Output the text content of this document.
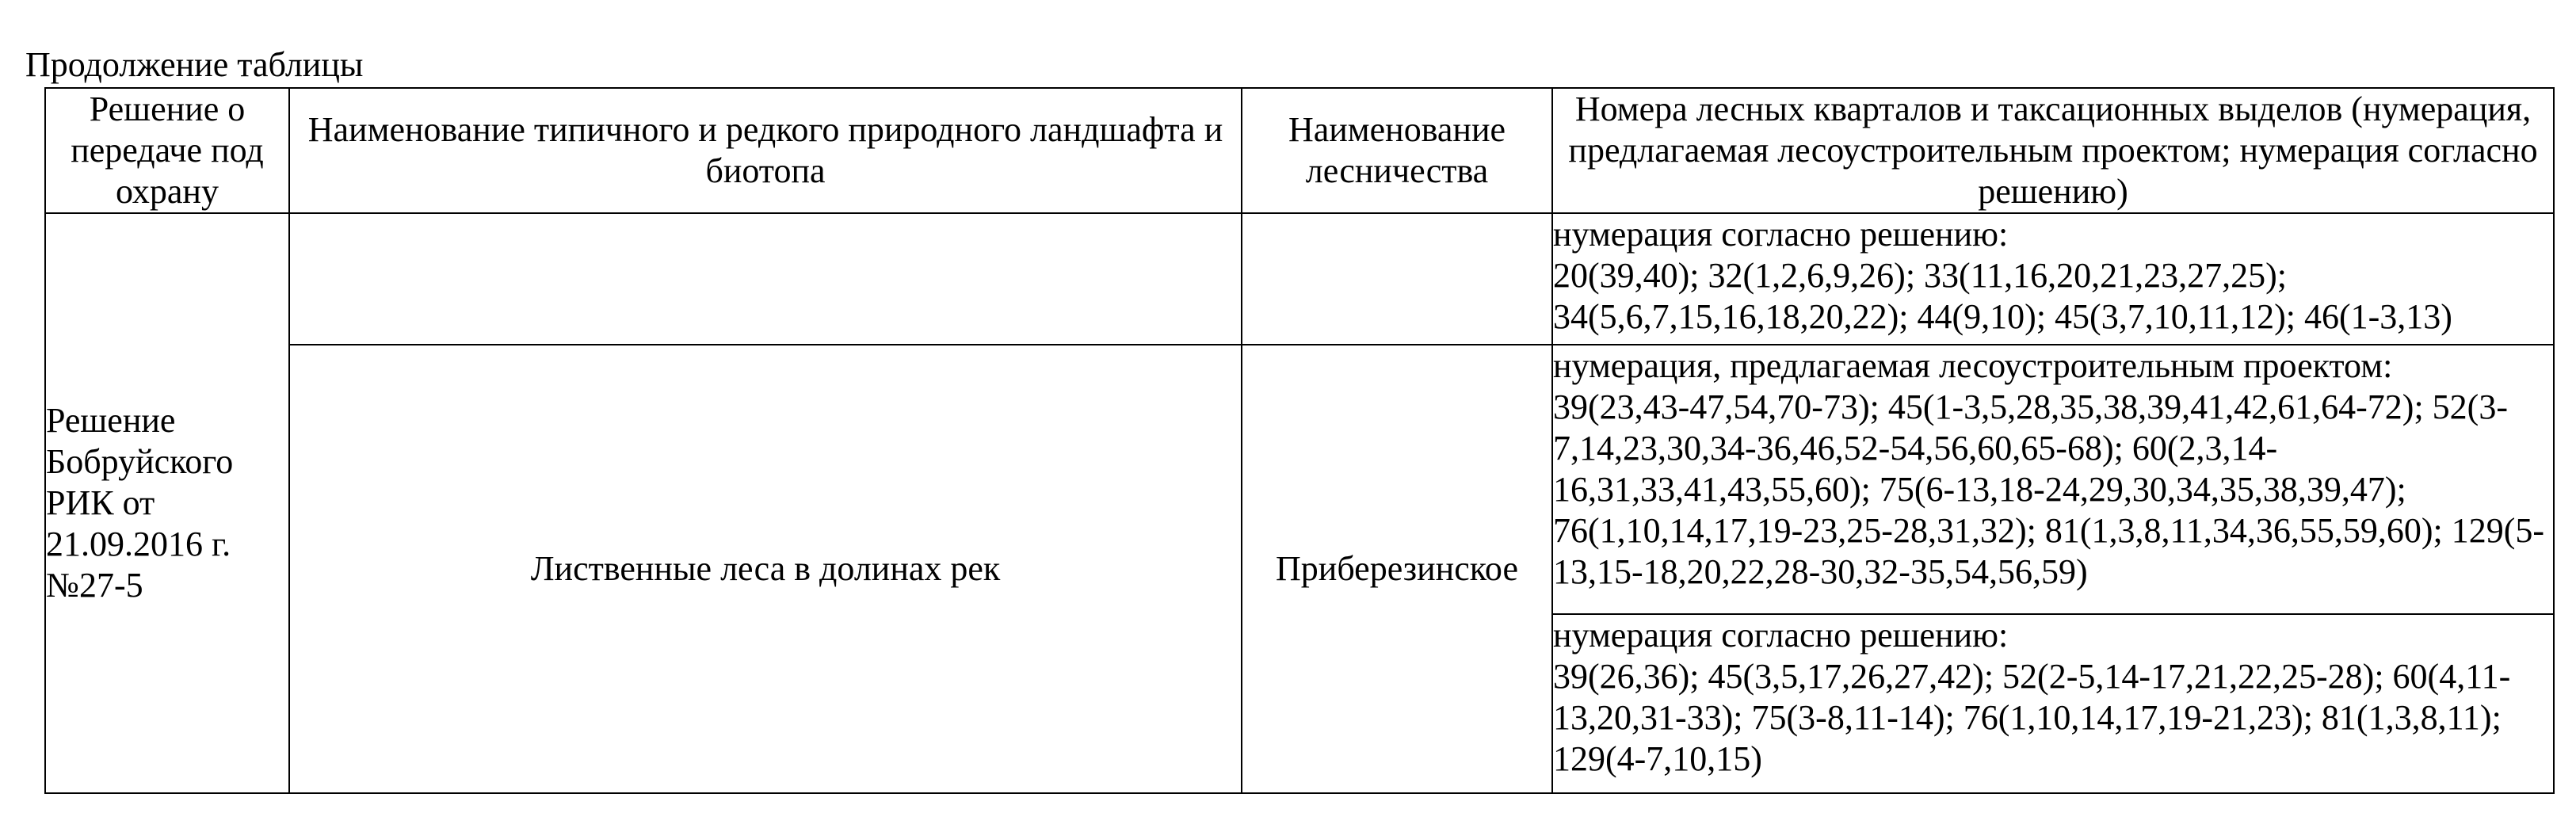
Продолжение таблицы
Решение о передаче под охрану	Наименование типичного и редкого природного ландшафта и биотопа	Наименование лесничества	Номера лесных кварталов и таксационных выделов (нумерация, предлагаемая лесоустроительным проектом; нумерация согласно решению)
Решение Бобруйского РИК от 21.09.2016 г. №27-5			нумерация согласно решению:
20(39,40); 32(1,2,6,9,26); 33(11,16,20,21,23,27,25); 34(5,6,7,15,16,18,20,22); 44(9,10); 45(3,7,10,11,12); 46(1-3,13)

	Лиственные леса в долинах рек	Приберезинское	нумерация, предлагаемая лесоустроительным проектом:
39(23,43-47,54,70-73); 45(1-3,5,28,35,38,39,41,42,61,64-72); 52(3-7,14,23,30,34-36,46,52-54,56,60,65-68); 60(2,3,14-16,31,33,41,43,55,60); 75(6-13,18-24,29,30,34,35,38,39,47); 76(1,10,14,17,19-23,25-28,31,32); 81(1,3,8,11,34,36,55,59,60); 129(5-13,15-18,20,22,28-30,32-35,54,56,59)

			нумерация согласно решению:
39(26,36); 45(3,5,17,26,27,42); 52(2-5,14-17,21,22,25-28); 60(4,11-13,20,31-33); 75(3-8,11-14); 76(1,10,14,17,19-21,23); 81(1,3,8,11); 129(4-7,10,15)
